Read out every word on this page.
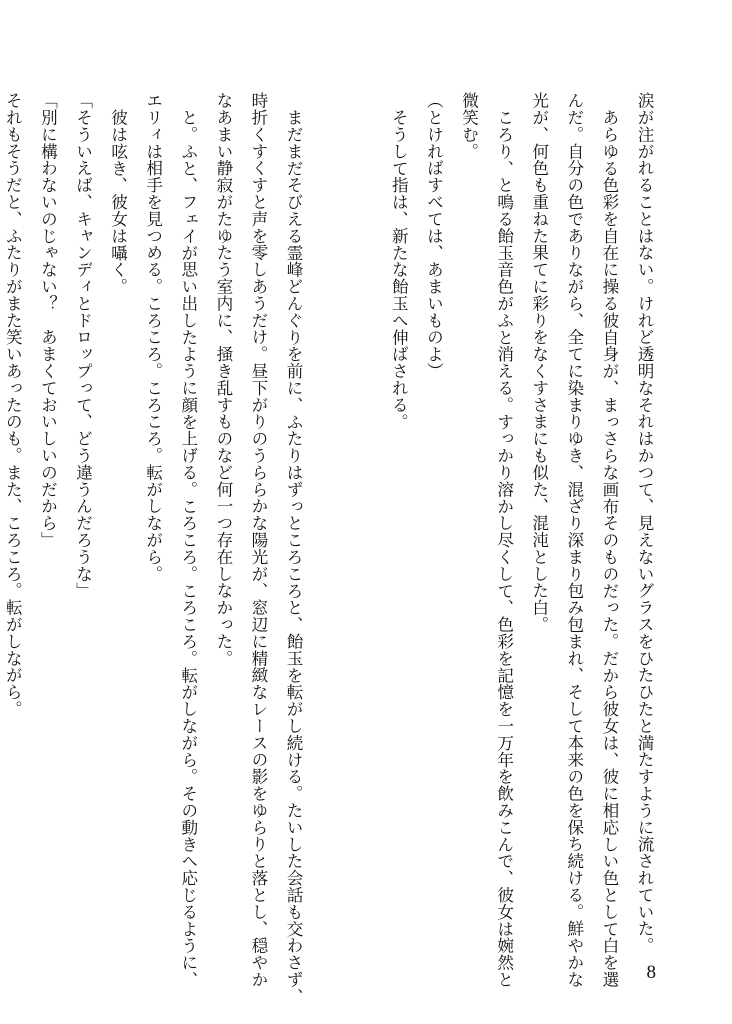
涙が注がれることはない。けれど透明なそれはかつて、見えないグラスをひたひたと満たすように流されていた。

あらゆる色彩を自在に操る彼自身が、まっさらな画布そのものだった。だから彼女は、彼に相応しい色として白を選

んだ。自分の色でありながら、全てに染まりゆき、混ざり深まり包み包まれ、そして本来の色を保ち続ける。鮮やかな

光が、何色も重ねた果てに彩りをなくすさまにも似た、混沌とした白。

ころり、と鳴る飴玉音色がふと消える。すっかり溶かし尽くして、色彩を記憶を一万年を飲みこんで、彼女は婉然と

微笑む。

（とければすべては、あまいものよ）

そうして指は、新たな飴玉へ伸ばされる。

まだまだそびえる霊峰どんぐりを前に、ふたりはずっところころと、飴玉を転がし続ける。たいした会話も交わさず、

時折くすくすと声を零しあうだけ。昼下がりのうららかな陽光が、窓辺に精緻なレースの影をゆらりと落とし、穏やか

なあまい静寂がたゆたう室内に、掻き乱すものなど何一つ存在しなかった。

と。ふと、フェイが思い出したように顔を上げる。ころころ。ころころ。転がしながら。その動きへ応じるように、

エリィは相手を見つめる。ころころ。ころころ。転がしながら。

彼は呟き、彼女は囁く。

「そういえば、キャンディとドロップって、どう違うんだろうな」

「別に構わないのじゃない？　あまくておいしいのだから」

それもそうだと、ふたりがまた笑いあったのも。また、ころころ。転がしながら。

8
